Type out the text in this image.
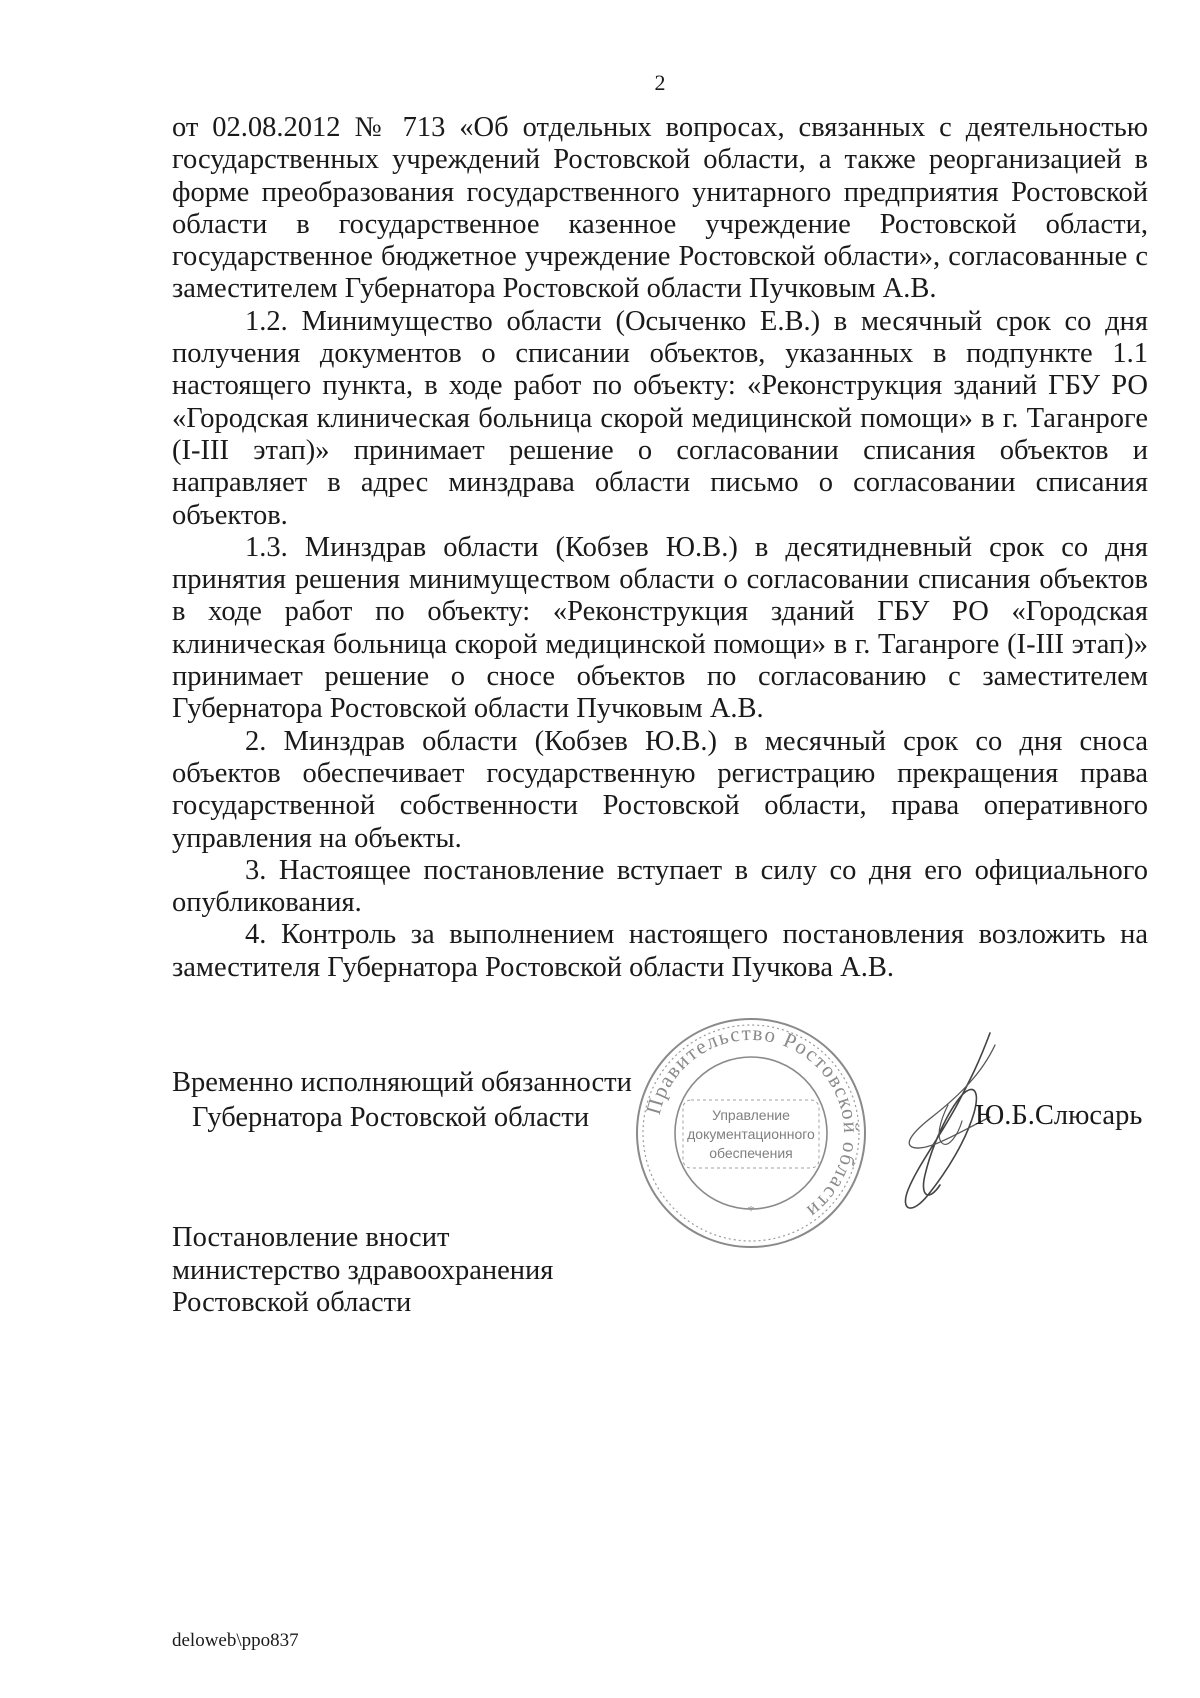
2

от 02.08.2012 № 713 «Об отдельных вопросах, связанных с деятельностью государственных учреждений Ростовской области, а также реорганизацией в форме преобразования государственного унитарного предприятия Ростовской области в государственное казенное учреждение Ростовской области, государственное бюджетное учреждение Ростовской области», согласованные с заместителем Губернатора Ростовской области Пучковым А.В.

1.2. Минимущество области (Осыченко Е.В.) в месячный срок со дня получения документов о списании объектов, указанных в подпункте 1.1 настоящего пункта, в ходе работ по объекту: «Реконструкция зданий ГБУ РО «Городская клиническая больница скорой медицинской помощи» в г. Таганроге (I-III этап)» принимает решение о согласовании списания объектов и направляет в адрес минздрава области письмо о согласовании списания объектов.

1.3. Минздрав области (Кобзев Ю.В.) в десятидневный срок со дня принятия решения минимуществом области о согласовании списания объектов в ходе работ по объекту: «Реконструкция зданий ГБУ РО «Городская клиническая больница скорой медицинской помощи» в г. Таганроге (I-III этап)» принимает решение о сносе объектов по согласованию с заместителем Губернатора Ростовской области Пучковым А.В.

2. Минздрав области (Кобзев Ю.В.) в месячный срок со дня сноса объектов обеспечивает государственную регистрацию прекращения права государственной собственности Ростовской области, права оперативного управления на объекты.

3. Настоящее постановление вступает в силу со дня его официального опубликования.

4. Контроль за выполнением настоящего постановления возложить на заместителя Губернатора Ростовской области Пучкова А.В.

Временно исполняющий обязанности
Губернатора Ростовской области	Правительство Ростовской области
*
Управление
документационного
обеспечения
Ю.Б.Слюсарь
Постановление вносит
министерство здравоохранения
Ростовской области
deloweb\ppo837
